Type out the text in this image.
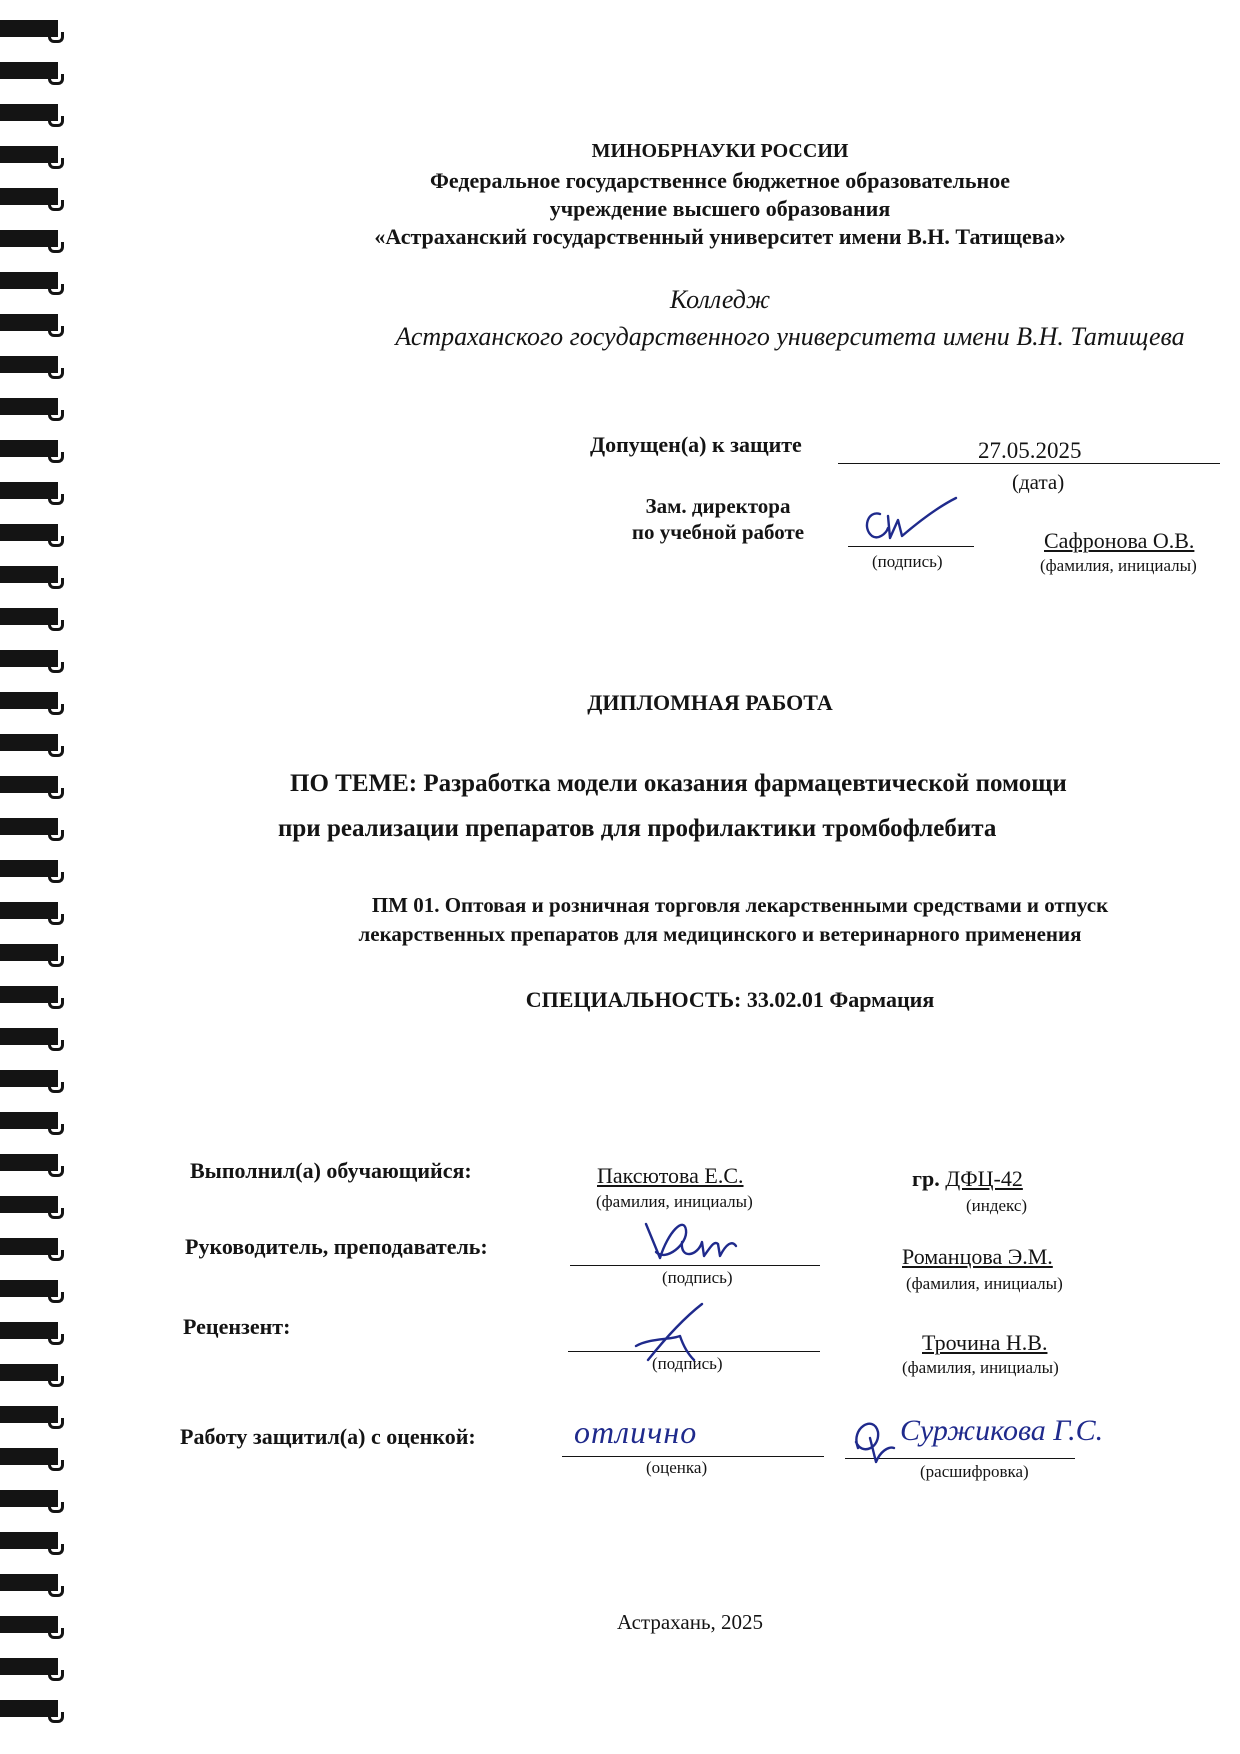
МИНОБРНАУКИ РОССИИ
Федеральное государственнсе бюджетное образовательное
учреждение высшего образования
«Астраханский государственный университет имени В.Н. Татищева»
Колледж
Астраханского государственного университета имени В.Н. Татищева
Допущен(а) к защите	27.05.2025
(дата)
Зам. директора
по учебной работе
(подпись)
Сафронова О.В.
(фамилия, инициалы)
ДИПЛОМНАЯ РАБОТА
ПО ТЕМЕ: Разработка модели оказания фармацевтической помощи
при реализации препаратов для профилактики тромбофлебита
ПМ 01. Оптовая и розничная торговля лекарственными средствами и отпуск
лекарственных препаратов для медицинского и ветеринарного применения
СПЕЦИАЛЬНОСТЬ: 33.02.01 Фармация
Выполнил(а) обучающийся:	Паксютова Е.С.
(фамилия, инициалы)
гр. ДФЦ-42
(индекс)
Руководитель, преподаватель:
(подпись)
Романцова Э.М.
(фамилия, инициалы)
Рецензент:
(подпись)
Трочина Н.В.
(фамилия, инициалы)
Работу защитил(а) с оценкой:	отлично
(оценка)
Суржикова Г.С.
(расшифровка)
Астрахань, 2025
